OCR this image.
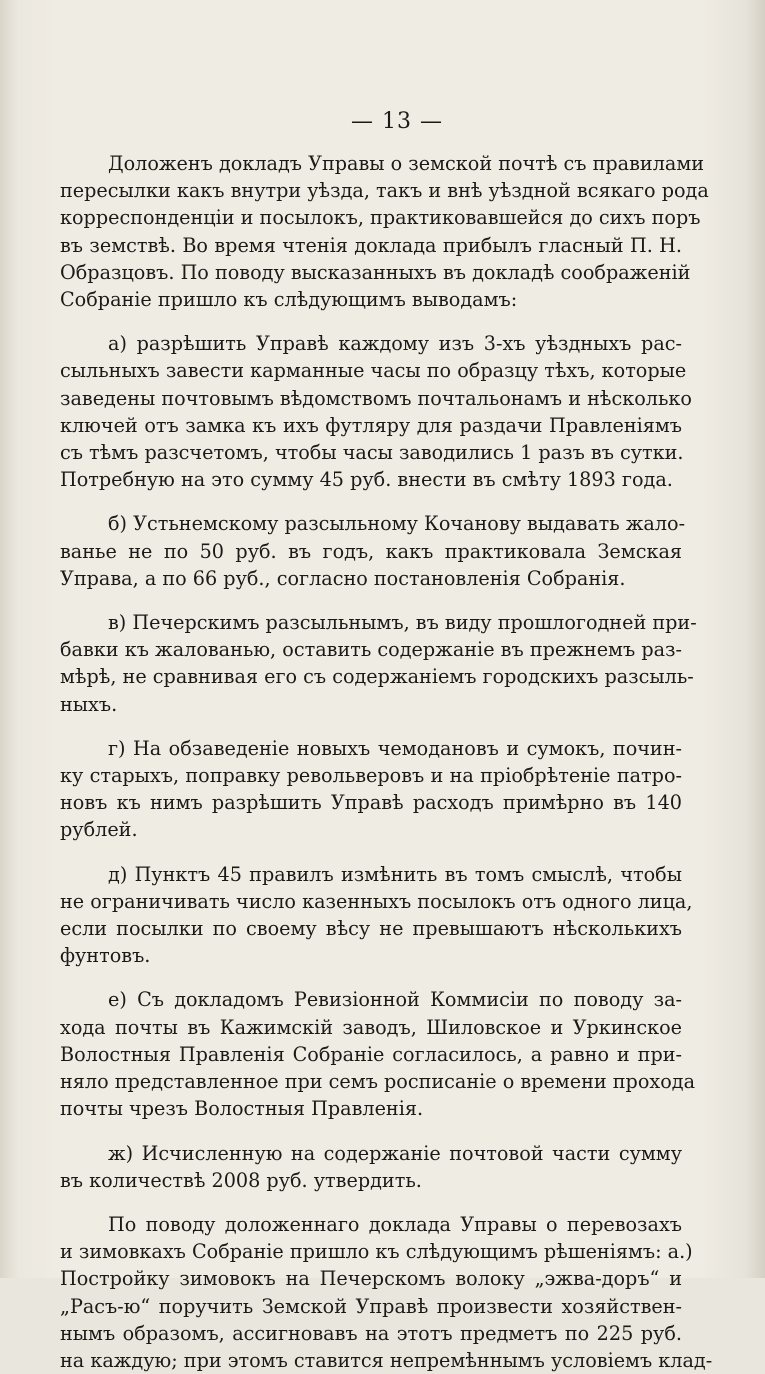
— 13 —
Доложенъ докладъ Управы о земской почтѣ съ правилами
пересылки какъ внутри уѣзда, такъ и внѣ уѣздной всякаго рода
корреспонденціи и посылокъ, практиковавшейся до сихъ поръ
въ земствѣ. Во время чтенія доклада прибылъ гласный П. Н.
Образцовъ. По поводу высказанныхъ въ докладѣ соображеній
Собраніе пришло къ слѣдующимъ выводамъ:
а) разрѣшить Управѣ каждому изъ 3-хъ уѣздныхъ рас-
сыльныхъ завести карманные часы по образцу тѣхъ, которые
заведены почтовымъ вѣдомствомъ почтальонамъ и нѣсколько
ключей отъ замка къ ихъ футляру для раздачи Правленіямъ
съ тѣмъ разсчетомъ, чтобы часы заводились 1 разъ въ сутки.
Потребную на это сумму 45 руб. внести въ смѣту 1893 года.
б) Устьнемскому разсыльному Кочанову выдавать жало-
ванье не по 50 руб. въ годъ, какъ практиковала Земская
Управа, а по 66 руб., согласно постановленія Собранія.
в) Печерскимъ разсыльнымъ, въ виду прошлогодней при-
бавки къ жалованью, оставить содержаніе въ прежнемъ раз-
мѣрѣ, не сравнивая его съ содержаніемъ городскихъ разсыль-
ныхъ.
г) На обзаведеніе новыхъ чемодановъ и сумокъ, почин-
ку старыхъ, поправку револьверовъ и на пріобрѣтеніе патро-
новъ къ нимъ разрѣшить Управѣ расходъ примѣрно въ 140
рублей.
д) Пунктъ 45 правилъ измѣнить въ томъ смыслѣ, чтобы
не ограничивать число казенныхъ посылокъ отъ одного лица,
если посылки по своему вѣсу не превышаютъ нѣсколькихъ
фунтовъ.
е) Съ докладомъ Ревизіонной Коммисіи по поводу за-
хода почты въ Кажимскій заводъ, Шиловское и Уркинское
Волостныя Правленія Собраніе согласилось, а равно и при-
няло представленное при семъ росписаніе о времени прохода
почты чрезъ Волостныя Правленія.
ж) Исчисленную на содержаніе почтовой части сумму
въ количествѣ 2008 руб. утвердить.
По поводу доложеннаго доклада Управы о перевозахъ
и зимовкахъ Собраніе пришло къ слѣдующимъ рѣшеніямъ: а.)
Постройку зимовокъ на Печерскомъ волоку „эжва-доръ“ и
„Расъ-ю“ поручить Земской Управѣ произвести хозяйствен-
нымъ образомъ, ассигновавъ на этотъ предметъ по 225 руб.
на каждую; при этомъ ставится непремѣннымъ условіемъ клад-
